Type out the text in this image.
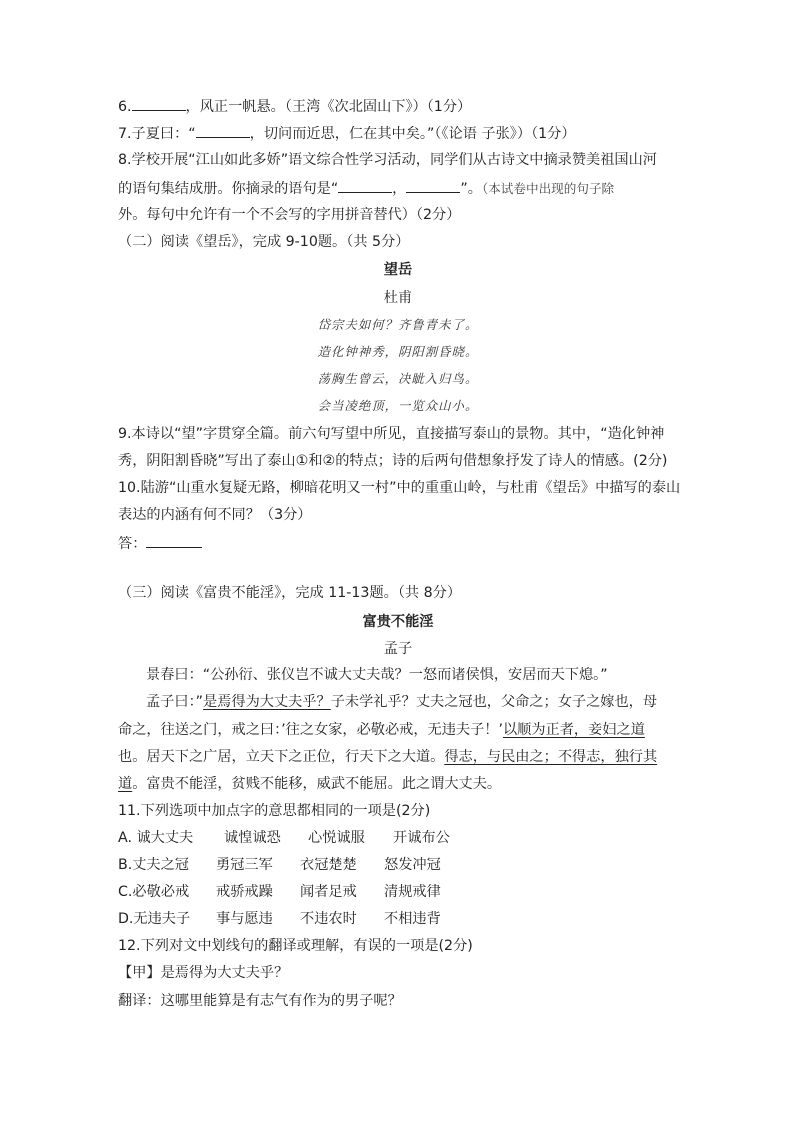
6.	，风正一帆悬。（王湾《次北固山下》）（1分）
7.子夏曰：“	，切问而近思，仁在其中矣。”（《论语 子张》）（1分）
8.学校开展“江山如此多娇”语文综合性学习活动，同学们从古诗文中摘录赞美祖国山河
的语句集结成册。你摘录的语句是“	，	”。（本试卷中出现的句子除
外。每句中允许有一个不会写的字用拼音替代）（2分）
（二）阅读《望岳》，完成 9-10题。（共 5分）
望岳
杜甫
岱宗夫如何？齐鲁青未了。
造化钟神秀，阴阳割昏晓。
荡胸生曾云，决眦入归鸟。
会当凌绝顶，一览众山小。
9.本诗以“望”字贯穿全篇。前六句写望中所见，直接描写泰山的景物。其中，“造化钟神
秀，阴阳割昏晓”写出了泰山①和②的特点；诗的后两句借想象抒发了诗人的情感。(2分)
10.陆游“山重水复疑无路，柳暗花明又一村”中的重重山岭，与杜甫《望岳》中描写的泰山
表达的内涵有何不同？（3分）
答：
（三）阅读《富贵不能淫》，完成 11-13题。（共 8分）
富贵不能淫
孟子
景春曰：“公孙衍、张仪岂不诚大丈夫哉？一怒而诸侯惧，安居而天下熄。”
孟子曰：”是焉得为大丈夫乎？子未学礼乎？丈夫之冠也，父命之；女子之嫁也，母
命之，往送之门，戒之曰：’往之女家，必敬必戒，无违夫子！’以顺为正者，妾妇之道
也。居天下之广居，立天下之正位，行天下之大道。得志，与民由之；不得志，独行其
道。富贵不能淫，贫贱不能移，威武不能屈。此之谓大丈夫。
11.下列选项中加点字的意思都相同的一项是(2分)
A. 诚大丈夫 诚惶诚恐 心悦诚服 开诚布公
B.丈夫之冠 勇冠三军 衣冠楚楚 怒发冲冠
C.必敬必戒 戒骄戒躁 闻者足戒 清规戒律
D.无违夫子 事与愿违 不违农时 不相违背
12.下列对文中划线句的翻译或理解，有误的一项是(2分)
【甲】是焉得为大丈夫乎？
翻译：这哪里能算是有志气有作为的男子呢？
